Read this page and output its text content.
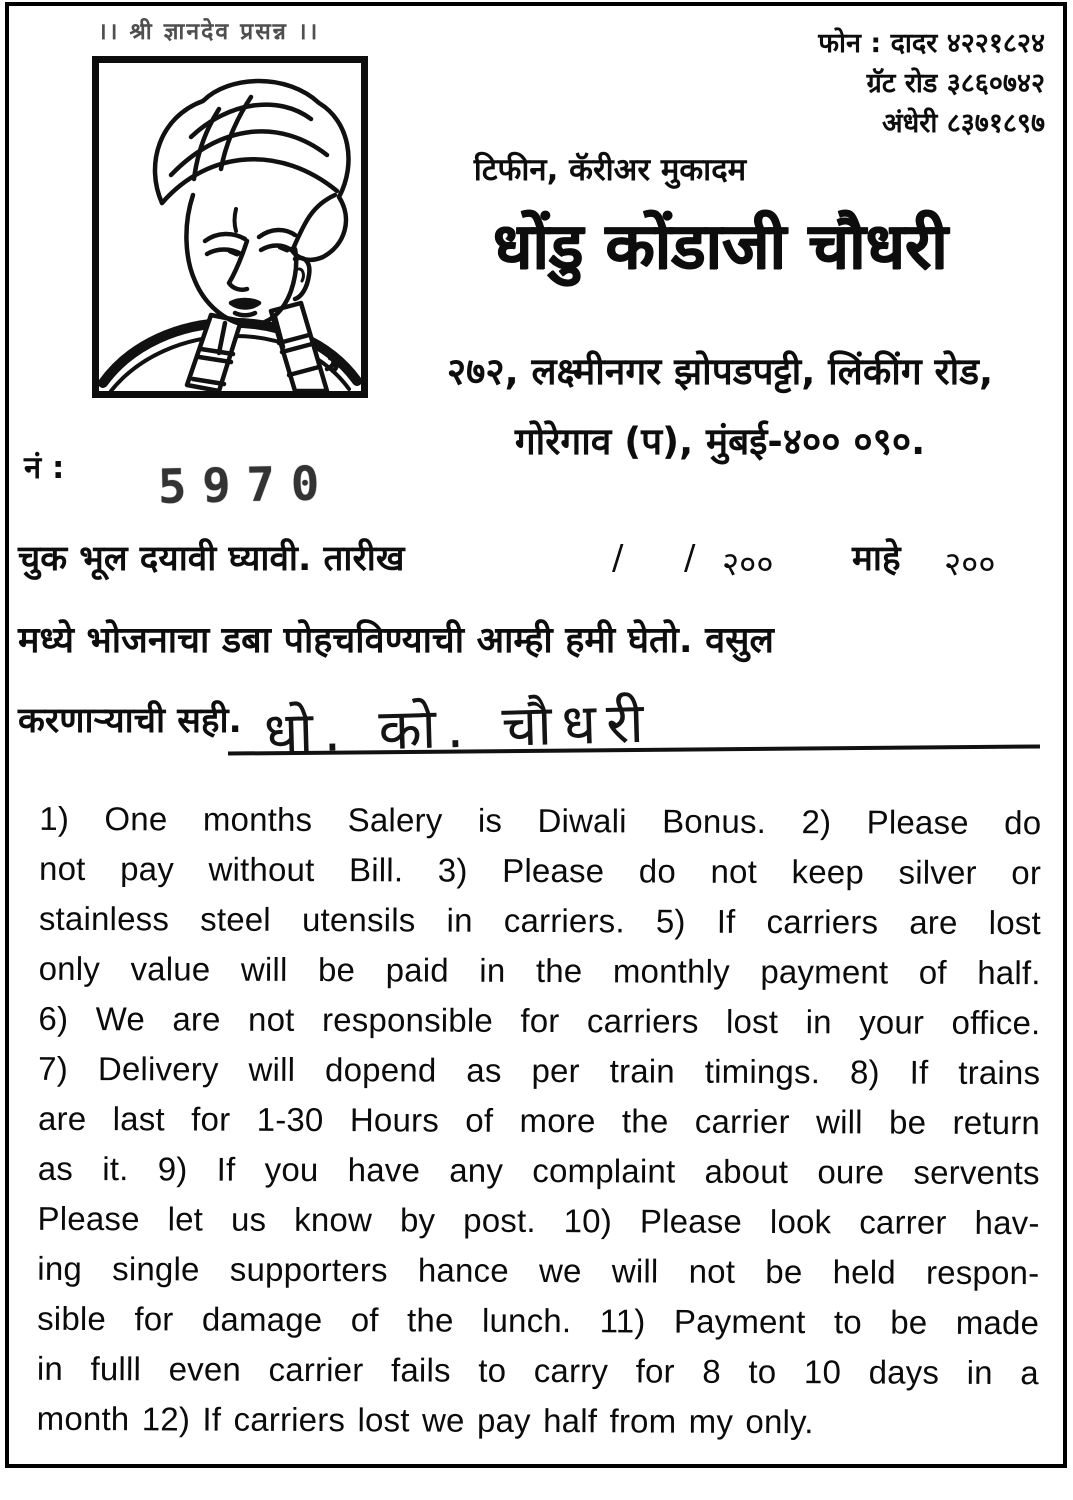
।। श्री ज्ञानदेव प्रसन्न ।।	फोन : दादर ४२२१८२४
ग्रॅट रोड ३८६०७४२
अंधेरी ८३७१८९७
टिफीन, कॅरीअर मुकादम
धोंडु कोंडाजी चौधरी
२७२, लक्ष्मीनगर झोपडपट्टी, लिंकींग रोड,
गोरेगाव (प), मुंबई-४०० ०९०.
नं : 5970
चुक भूल दयावी घ्यावी. तारीख	/ / २०० माहे २००
मध्ये भोजनाचा डबा पोहचविण्याची आम्ही हमी घेतो. वसुल
करणाऱ्याची सही. धो. को. चौधरी
1) One months Salery is Diwali Bonus. 2) Please do
not pay without Bill. 3) Please do not keep silver or
stainless steel utensils in carriers. 5) If carriers are lost
only value will be paid in the monthly payment of half.
6) We are not responsible for carriers lost in your office.
7) Delivery will dopend as per train timings. 8) If trains
are last for 1-30 Hours of more the carrier will be return
as it. 9) If you have any complaint about oure servents
Please let us know by post. 10) Please look carrer hav-
ing single supporters hance we will not be held respon-
sible for damage of the lunch. 11) Payment to be made
in fulll even carrier fails to carry for 8 to 10 days in a
month 12) If carriers lost we pay half from my only.
